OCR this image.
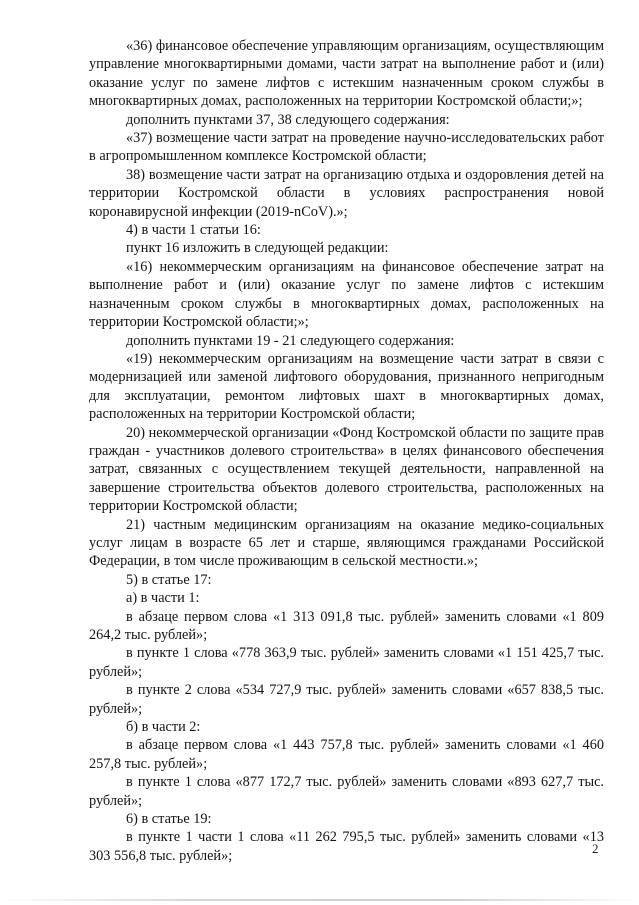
«36) финансовое обеспечение управляющим организациям, осуществляющим управление многоквартирными домами, части затрат на выполнение работ и (или) оказание услуг по замене лифтов с истекшим назначенным сроком службы в многоквартирных домах, расположенных на территории Костромской области;»;

дополнить пунктами 37, 38 следующего содержания:

«37) возмещение части затрат на проведение научно-исследовательских работ в агропромышленном комплексе Костромской области;

38) возмещение части затрат на организацию отдыха и оздоровления детей на территории Костромской области в условиях распространения новой коронавирусной инфекции (2019-nCoV).»;

4) в части 1 статьи 16:

пункт 16 изложить в следующей редакции:

«16) некоммерческим организациям на финансовое обеспечение затрат на выполнение работ и (или) оказание услуг по замене лифтов с истекшим назначенным сроком службы в многоквартирных домах, расположенных на территории Костромской области;»;

дополнить пунктами 19 - 21 следующего содержания:

«19) некоммерческим организациям на возмещение части затрат в связи с модернизацией или заменой лифтового оборудования, признанного непригодным для эксплуатации, ремонтом лифтовых шахт в многоквартирных домах, расположенных на территории Костромской области;

20) некоммерческой организации «Фонд Костромской области по защите прав граждан - участников долевого строительства» в целях финансового обеспечения затрат, связанных с осуществлением текущей деятельности, направленной на завершение строительства объектов долевого строительства, расположенных на территории Костромской области;

21) частным медицинским организациям на оказание медико-социальных услуг лицам в возрасте 65 лет и старше, являющимся гражданами Российской Федерации, в том числе проживающим в сельской местности.»;

5) в статье 17:

а) в части 1:

в абзаце первом слова «1 313 091,8 тыс. рублей» заменить словами «1 809 264,2 тыс. рублей»;

в пункте 1 слова «778 363,9 тыс. рублей» заменить словами «1 151 425,7 тыс. рублей»;

в пункте 2 слова «534 727,9 тыс. рублей» заменить словами «657 838,5 тыс. рублей»;

б) в части 2:

в абзаце первом слова «1 443 757,8 тыс. рублей» заменить словами «1 460 257,8 тыс. рублей»;

в пункте 1 слова «877 172,7 тыс. рублей» заменить словами «893 627,7 тыс. рублей»;

6) в статье 19:

в пункте 1 части 1 слова «11 262 795,5 тыс. рублей» заменить словами «13 303 556,8 тыс. рублей»;	2
